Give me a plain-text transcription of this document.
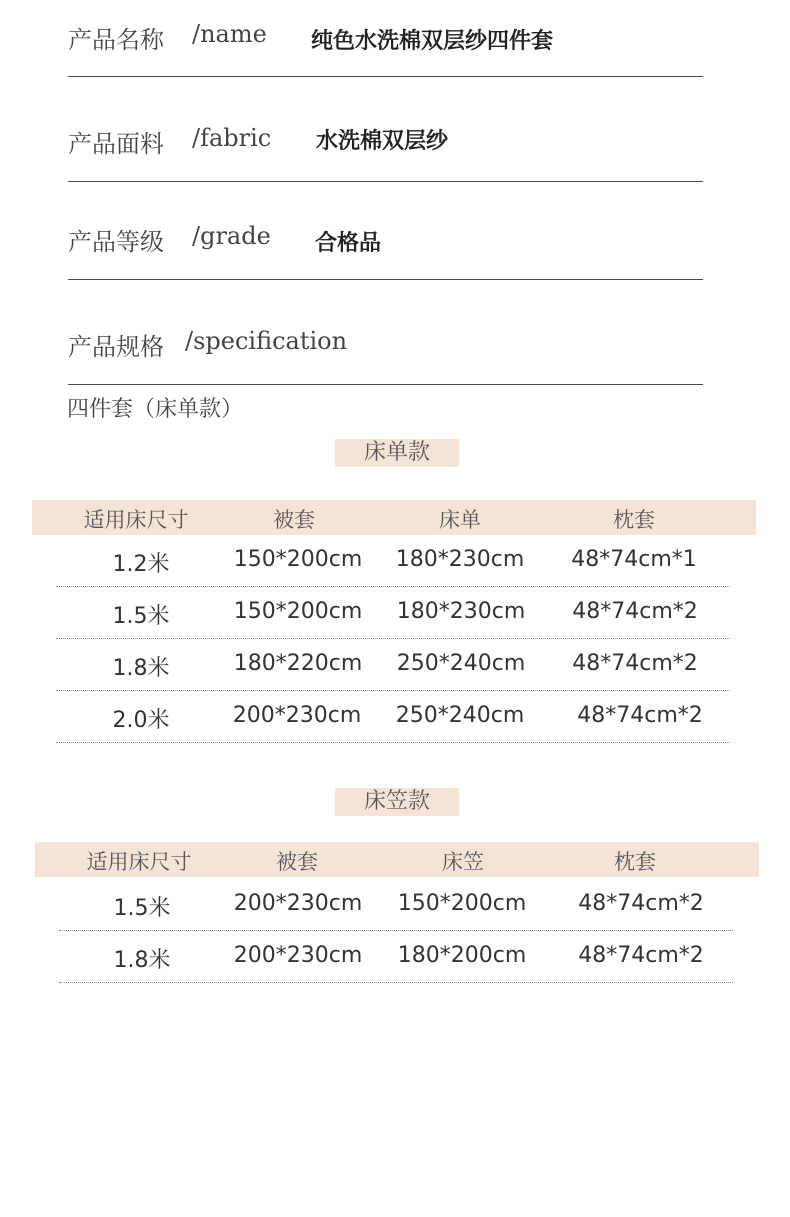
产品名称 /name 纯色水洗棉双层纱四件套
产品面料 /fabric 水洗棉双层纱
产品等级 /grade 合格品
产品规格 /specification
四件套（床单款）
床单款
适用床尺寸	被套	床单	枕套
1.2米	150*200cm 180*230cm 48*74cm*1
1.5米	150*200cm 180*230cm 48*74cm*2
1.8米	180*220cm 250*240cm 48*74cm*2
2.0米	200*230cm 250*240cm 48*74cm*2
床笠款
适用床尺寸	被套	床笠	枕套
1.5米	200*230cm 150*200cm 48*74cm*2
1.8米	200*230cm 180*200cm 48*74cm*2
